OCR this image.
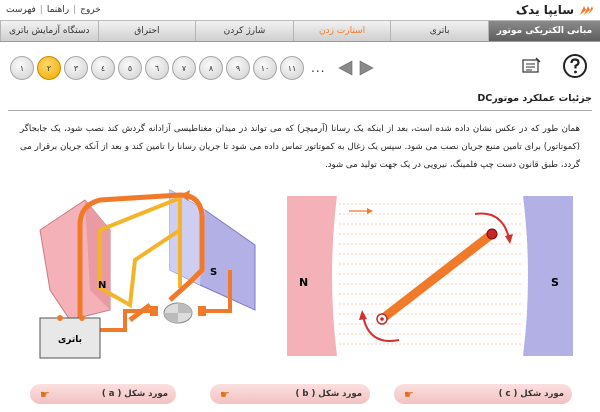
خروج
|
راهنما
|
فهرست	سایپا یدک
دستگاه آزمایش باتری	احتراق	شارژ کردن	استارت زدن	باتری	مبانی الکتریکی موتور
١	٢	٣	٤	٥	٦	٧	٨	٩	١٠	١١	...
جزئیات عملکرد موتورDC
همان طور که در عکس نشان داده شده است، بعد از اینکه یک رسانا (آرمیچر) که می تواند در میدان مغناطیسی آزادانه گردش کند نصب شود، یک جابجاگر (کموتاتور) برای تامین منبع جریان نصب می شود. سپس یک زغال به کموتاتور تماس داده می شود تا جریان رسانا را تامین کند و بعد از آنکه جریان برقرار می گردد، طبق قانون دست چپ فلمینگ، نیرویی در یک جهت تولید می شود.
باتری
N
S
N	S
☛	مورد شکل ( a )	☛	مورد شکل ( b )	☛	مورد شکل ( c )
